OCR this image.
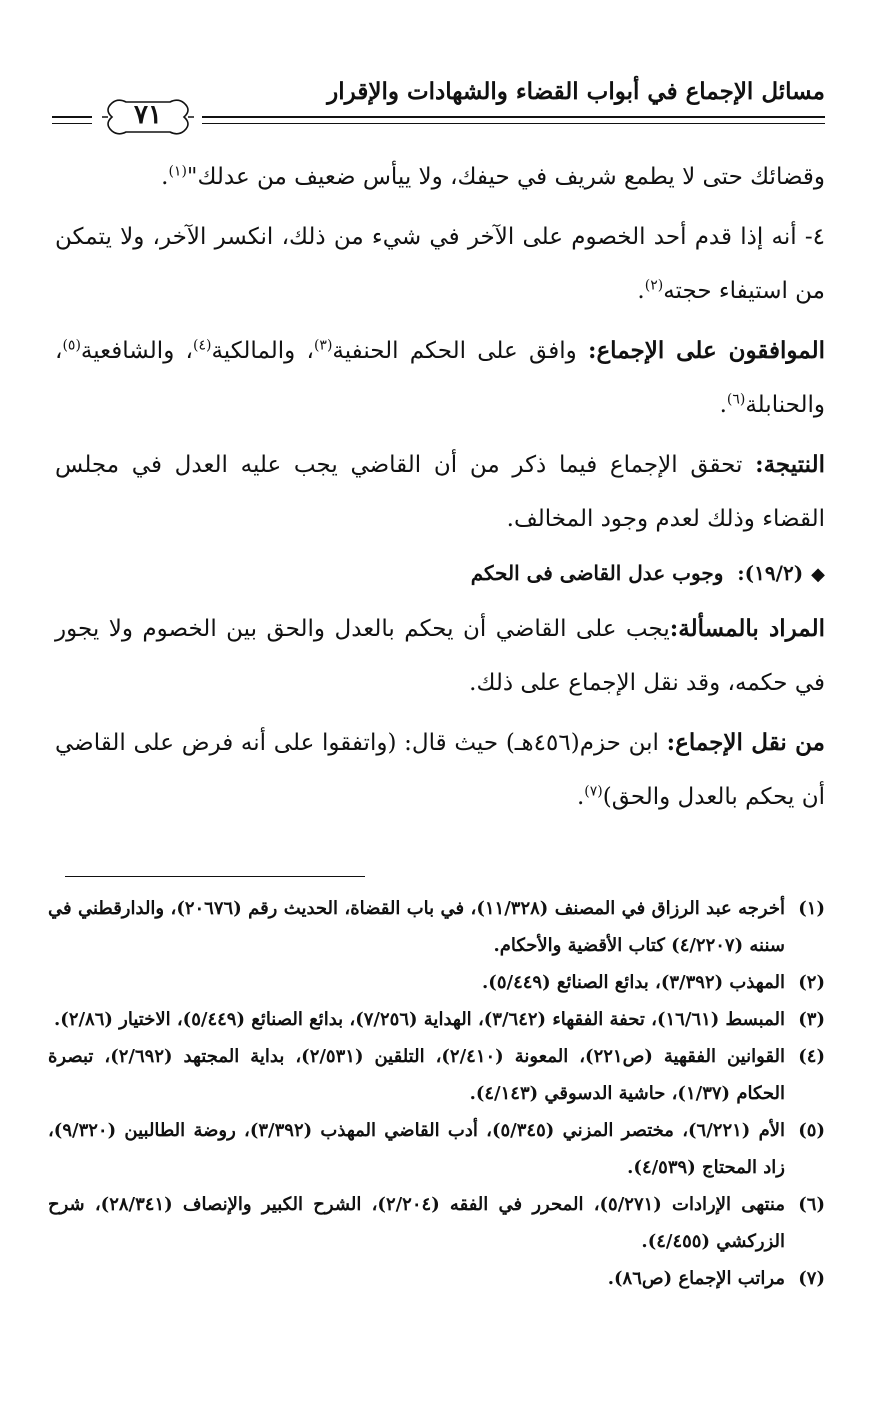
مسائل الإجماع في أبواب القضاء والشهادات والإقرار
٧١

وقضائك حتى لا يطمع شريف في حيفك، ولا ييأس ضعيف من عدلك"$^{(١)}$.

٤- أنه إذا قدم أحد الخصوم على الآخر في شيء من ذلك، انكسر الآخر، ولا يتمكن من استيفاء حجته$^{(٢)}$.

الموافقون على الإجماع: وافق على الحكم الحنفية$^{(٣)}$، والمالكية$^{(٤)}$، والشافعية$^{(٥)}$، والحنابلة$^{(٦)}$.

النتيجة: تحقق الإجماع فيما ذكر من أن القاضي يجب عليه العدل في مجلس القضاء وذلك لعدم وجود المخالف.

◆(١٩/٢):  وجوب عدل القاضى فى الحكم

المراد بالمسألة:يجب على القاضي أن يحكم بالعدل والحق بين الخصوم ولا يجور في حكمه، وقد نقل الإجماع على ذلك.

من نقل الإجماع: ابن حزم(٤٥٦هـ) حيث قال: (واتفقوا على أنه فرض على القاضي أن يحكم بالعدل والحق)$^{(٧)}$.

(١)
أخرجه عبد الرزاق في المصنف (١١/٣٢٨)، في باب القضاة، الحديث رقم (٢٠٦٧٦)، والدارقطني في سننه (٤/٢٢٠٧) كتاب الأقضية والأحكام.
(٢)
المهذب (٣/٣٩٢)، بدائع الصنائع (٥/٤٤٩).
(٣)
المبسط (١٦/٦١)، تحفة الفقهاء (٣/٦٤٢)، الهداية (٧/٢٥٦)، بدائع الصنائع (٥/٤٤٩)، الاختيار (٢/٨٦).
(٤)
القوانين الفقهية (ص٢٢١)، المعونة (٢/٤١٠)، التلقين (٢/٥٣١)، بداية المجتهد (٢/٦٩٢)، تبصرة الحكام (١/٣٧)، حاشية الدسوقي (٤/١٤٣).
(٥)
الأم (٦/٢٢١)، مختصر المزني (٥/٣٤٥)، أدب القاضي المهذب (٣/٣٩٢)، روضة الطالبين (٩/٣٢٠)، زاد المحتاج (٤/٥٣٩).
(٦)
منتهى الإرادات (٥/٢٧١)، المحرر في الفقه (٢/٢٠٤)، الشرح الكبير والإنصاف (٢٨/٣٤١)، شرح الزركشي (٤/٤٥٥).
(٧)
مراتب الإجماع (ص٨٦).
